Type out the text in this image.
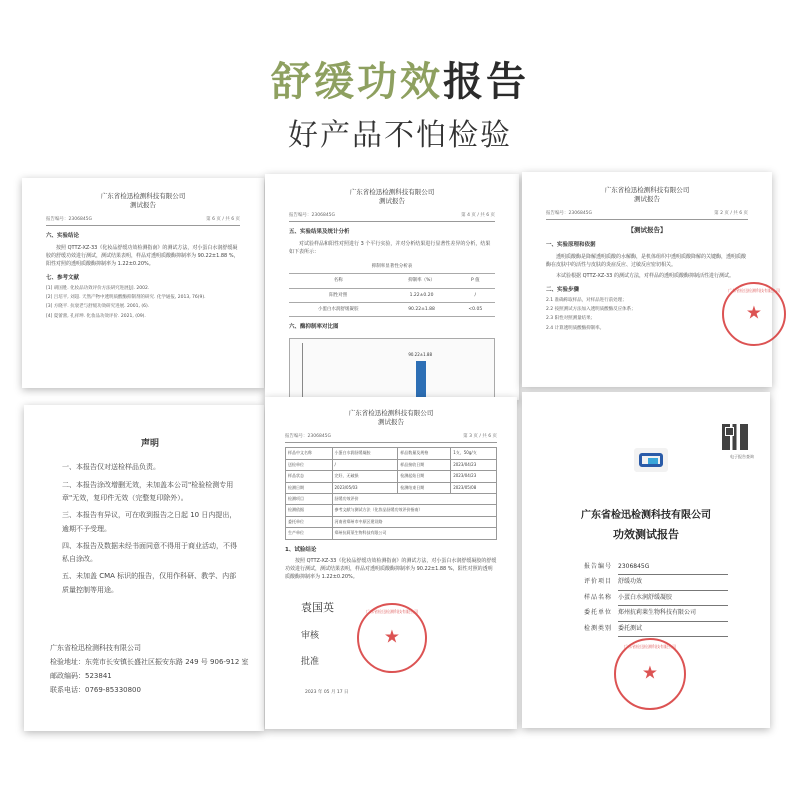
舒缓功效报告
好产品不怕检验
广东省检迅检测科技有限公司
测试报告
报告编号：2306845G	第 6 页 / 共 6 页
六、实验结论
按照 QTTZ-XZ-33《化妆品舒缓功效检测指南》的测试方法，对小蛋白水润舒缓凝胶的舒缓功效进行测试，测试结果表明，样品对透明质酸酶抑制率为 90.22±1.88 %，阳性对照的透明质酸酶抑制率为 1.22±0.20%。
七、参考文献
[1] 胡国胜. 化妆品功效评价方法研究进展[J]. 2002.
[2] 吕培平, 刘超. 天然产物中透明质酸酶抑制剂的研究. 化学通报, 2013, 76(9).
[3] 方晓平. 抗衰老与舒缓功效研究进展. 2001, (6).
[4] 夏蕾蕾, 孔祥坤. 化妆品功效评价. 2021, (09).
广东省检迅检测科技有限公司
测试报告
报告编号：2306845G	第 4 页 / 共 6 页
五、实验结果及统计分析
对试验样品和阳性对照进行 3 个平行实验，并对分析结果进行显著性差异的分析，结果如下表所示：
抑制率显著性分析表		
名称	抑制率（%）	P 值
阳性对照	1.22±0.20	/
小蛋白水润舒缓凝胶	90.22±1.88	<0.05
六、酶抑制率对比图
90.22±1.88
广东省检迅检测科技有限公司
测试报告
报告编号：2306845G	第 2 页 / 共 6 页
【测试报告】
一、实验原理和依据
透明质酸酶是降解透明质酸的水解酶，是机体组织中透明质酸降解的关键酶，透明质酸酶在皮肤中的活性与皮肤的炎症反应、过敏反应密切相关。
本试验根据 QTTZ-XZ-33 的测试方法，对样品的透明质酸酶抑制活性进行测试。
二、实验步骤
2.1 准确称取样品，对样品进行前处理；
2.2 按照测试方法加入透明质酸酶反应体系；
2.3 阳性对照测量结果；
2.4 计算透明质酸酶抑制率。
广东省检迅检测科技有限公司
★
声明
一、本报告仅对送检样品负责。
二、本报告涂改增删无效，未加盖本公司"检验检测专用章"无效，复印件无效（完整复印除外）。
三、本报告有异议，可在收到报告之日起 10 日内提出，逾期不予受理。
四、本报告及数据未经书面同意不得用于商业活动，不得私自涂改。
五、未加盖 CMA 标识的报告，仅用作科研、教学、内部质量控制等用途。
广东省检迅检测科技有限公司
检验地址：东莞市长安镇长盛社区振安东路 249 号 906-912 室
邮政编码：523841
联系电话：0769-85330800
广东省检迅检测科技有限公司
测试报告
报告编号：2306845G	第 3 页 / 共 6 页
样品中文名称	小蛋白水润舒缓凝胶	样品数量及规格	1支，50g/支
送检单位	/	样品接收日期	2023/04/23
样品状态	完好，无破损	检测起始日期	2023/04/23
检测日期	2023/05/03	检测结束日期	2023/05/08
检测项目	舒缓功效评价		
检测依据	参考文献与测试方法（化妆品舒缓功效评价指南）		
委托单位	河南省郑州市中原区建设路		
生产单位	郑州抗莉莱生物科技有限公司		
1、试验结论
按照 QTTZ-XZ-33《化妆品舒缓功效检测指南》的测试方法，对小蛋白水润舒缓凝胶的舒缓功效进行测试，测试结果表明，样品对透明质酸酶抑制率为 90.22±1.88 %，阳性对照的透明质酸酶抑制率为 1.22±0.20%。
袁国英
审核
批准
广东省检迅检测科技有限公司
★
2023 年 05 月 17 日
电子报告查询
广东省检迅检测科技有限公司
功效测试报告
报告编号 2306845G
评价项目 舒缓功效
样品名称 小蛋白水润舒缓凝胶
委托单位 郑州抗莉莱生物科技有限公司
检测类别 委托测试
广东省检迅检测科技有限公司
★
